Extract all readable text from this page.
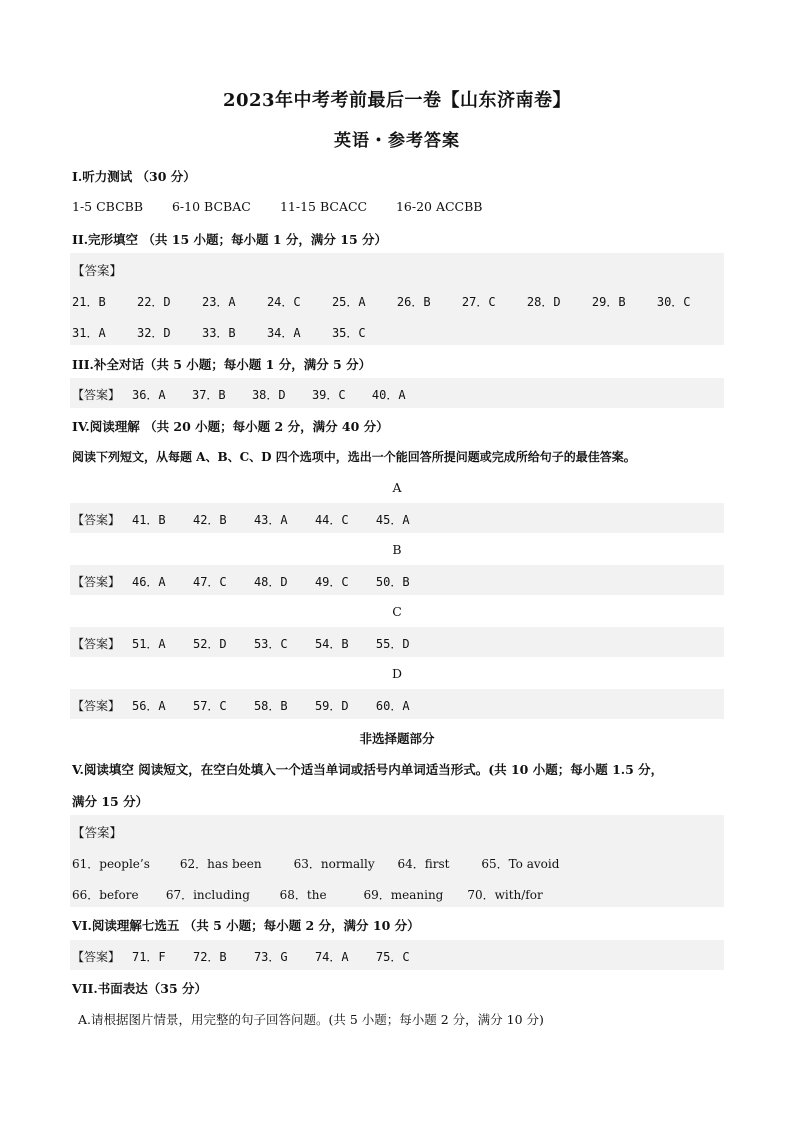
2023年中考考前最后一卷【山东济南卷】
英语・参考答案
I.听力测试 （30 分）
1-5 CBCBB 6-10 BCBAC 11-15 BCACC 16-20 ACCBB
II.完形填空 （共 15 小题；每小题 1 分，满分 15 分）
【答案】
21．B	22．D	23．A	24．C	25．A	26．B	27．C	28．D	29．B	30．C
31．A	32．D	33．B	34．A	35．C
III.补全对话（共 5 小题；每小题 1 分，满分 5 分）
【答案】 36．A 37．B 38．D 39．C 40．A
IV.阅读理解 （共 20 小题；每小题 2 分，满分 40 分）
阅读下列短文，从每题 A、B、C、D 四个选项中，选出一个能回答所提问题或完成所给句子的最佳答案。
A
【答案】 41．B 42．B 43．A 44．C 45．A
B
【答案】 46．A 47．C 48．D 49．C 50．B
C
【答案】 51．A 52．D 53．C 54．B 55．D
D
【答案】 56．A 57．C 58．B 59．D 60．A
非选择题部分
V.阅读填空 阅读短文，在空白处填入一个适当单词或括号内单词适当形式。(共 10 小题；每小题 1.5 分，
满分 15 分）
【答案】
61．people’s 62．has been	63．normally 64．first	65．To avoid
66．before 67．including 68．the	69．meaning 70．with/for
VI.阅读理解七选五 （共 5 小题；每小题 2 分，满分 10 分）
【答案】 71．F 72．B 73．G 74．A 75．C
VII.书面表达（35 分）
A.请根据图片情景，用完整的句子回答问题。(共 5 小题；每小题 2 分，满分 10 分)
